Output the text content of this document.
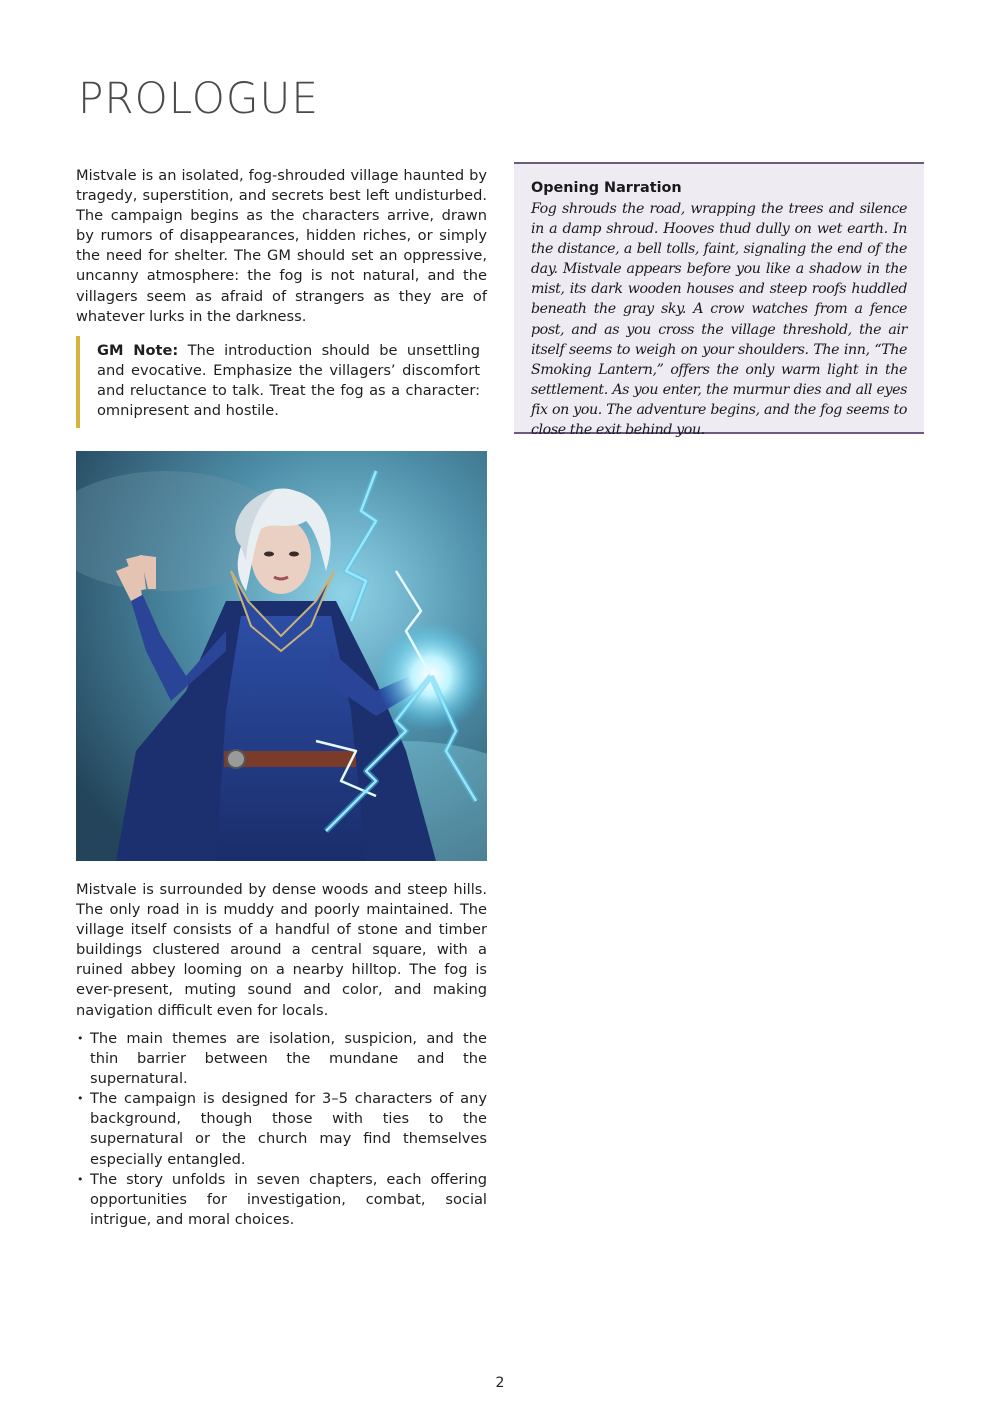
PROLOGUE

Mistvale is an isolated, fog-shrouded village haunted by tragedy, superstition, and secrets best left undisturbed. The campaign begins as the characters arrive, drawn by rumors of disappearances, hidden riches, or simply the need for shelter. The GM should set an oppressive, uncanny atmosphere: the fog is not natural, and the villagers seem as afraid of strangers as they are of whatever lurks in the darkness.

GM Note: The introduction should be unsettling and evocative. Emphasize the villagers’ discomfort and reluctance to talk. Treat the fog as a character: omnipresent and hostile.

Opening Narration

Fog shrouds the road, wrapping the trees and silence in a damp shroud. Hooves thud dully on wet earth. In the distance, a bell tolls, faint, signaling the end of the day. Mistvale appears before you like a shadow in the mist, its dark wooden houses and steep roofs huddled beneath the gray sky. A crow watches from a fence post, and as you cross the village threshold, the air itself seems to weigh on your shoulders. The inn, “The Smoking Lantern,” offers the only warm light in the settlement. As you enter, the murmur dies and all eyes fix on you. The adventure begins, and the fog seems to close the exit behind you.

Mistvale is surrounded by dense woods and steep hills. The only road in is muddy and poorly maintained. The village itself consists of a handful of stone and timber buildings clustered around a central square, with a ruined abbey looming on a nearby hilltop. The fog is ever-present, muting sound and color, and making navigation difficult even for locals.

• The main themes are isolation, suspicion, and the thin barrier between the mundane and the supernatural.
• The campaign is designed for 3–5 characters of any background, though those with ties to the supernatural or the church may find themselves especially entangled.
• The story unfolds in seven chapters, each offering opportunities for investigation, combat, social intrigue, and moral choices.
2
